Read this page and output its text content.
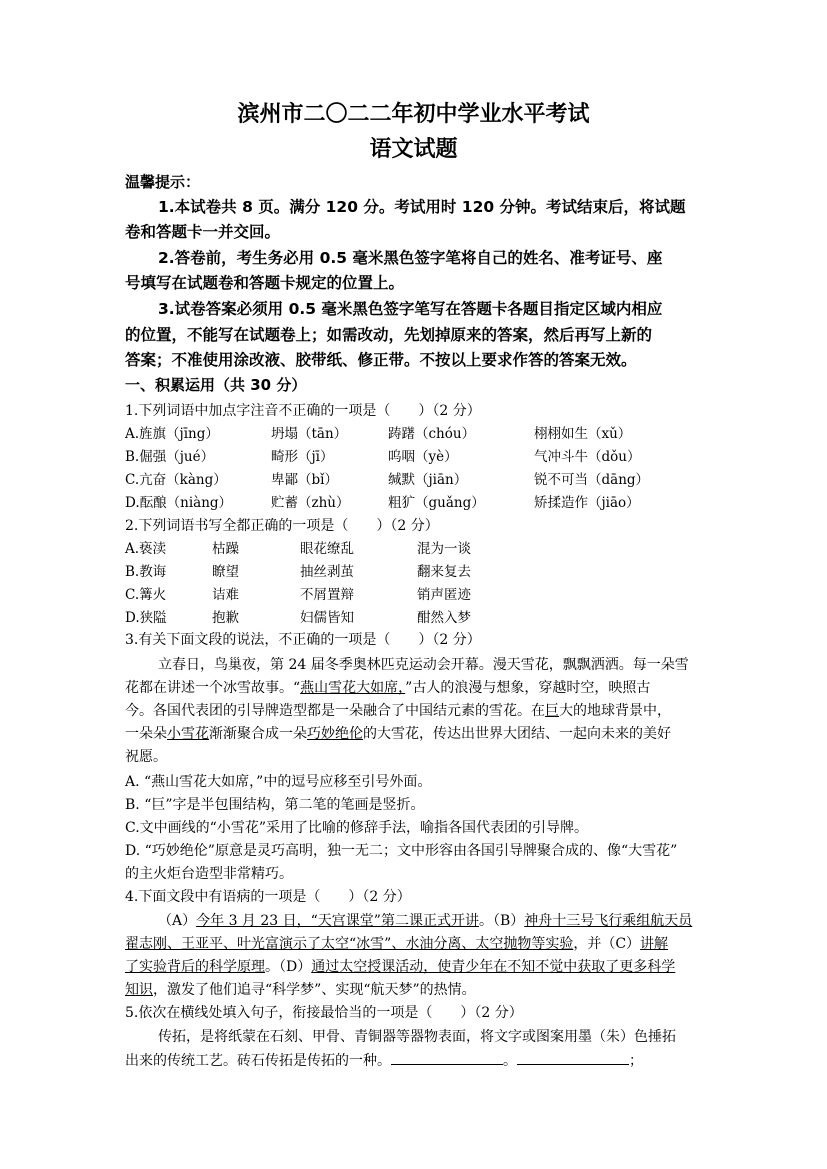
滨州市二〇二二年初中学业水平考试
语文试题
温馨提示：
1.本试卷共 8 页。满分 120 分。考试用时 120 分钟。考试结束后，将试题
卷和答题卡一并交回。
2.答卷前，考生务必用 0.5 毫米黑色签字笔将自己的姓名、准考证号、座
号填写在试题卷和答题卡规定的位置上。
3.试卷答案必须用 0.5 毫米黑色签字笔写在答题卡各题目指定区域内相应
的位置，不能写在试题卷上；如需改动，先划掉原来的答案，然后再写上新的
答案；不准使用涂改液、胶带纸、修正带。不按以上要求作答的答案无效。
一、积累运用（共 30 分）
1.下列词语中加点字注音不正确的一项是（　　）（2 分）
A.旌旗（jīng）	坍塌（tān）	踌躇（chóu）	栩栩如生（xǔ）
B.倔强（jué）	畸形（jī）	呜咽（yè）	气冲斗牛（dǒu）
C.亢奋（kàng）	卑鄙（bǐ）	缄默（jiān）	锐不可当（dāng）
D.酝酿（niàng）	贮蓄（zhù）	粗犷（guǎng）	矫揉造作（jiāo）
2.下列词语书写全都正确的一项是（　　）（2 分）
A.亵渎	枯躁	眼花缭乱	混为一谈
B.教诲	瞭望	抽丝剥茧	翻来复去
C.篝火	诘难	不屑置辩	销声匿迹
D.狭隘	抱歉	妇儒皆知	酣然入梦
3.有关下面文段的说法，不正确的一项是（　　）（2 分）
立春日，鸟巢夜，第 24 届冬季奥林匹克运动会开幕。漫天雪花，飘飘洒洒。每一朵雪
花都在讲述一个冰雪故事。“燕山雪花大如席，”古人的浪漫与想象，穿越时空，映照古
今。各国代表团的引导牌造型都是一朵融合了中国结元素的雪花。在巨大的地球背景中，
一朵朵小雪花渐渐聚合成一朵巧妙绝伦的大雪花，传达出世界大团结、一起向未来的美好
祝愿。
A. “燕山雪花大如席，”中的逗号应移至引号外面。
B. “巨”字是半包围结构，第二笔的笔画是竖折。
C.文中画线的“小雪花”采用了比喻的修辞手法，喻指各国代表团的引导牌。
D. “巧妙绝伦”原意是灵巧高明，独一无二；文中形容由各国引导牌聚合成的、像“大雪花”
的主火炬台造型非常精巧。
4.下面文段中有语病的一项是（　　）（2 分）
（A）今年 3 月 23 日，“天宫课堂”第二课正式开讲。（B）神舟十三号飞行乘组航天员
翟志刚、王亚平、叶光富演示了太空“冰雪”、水油分离、太空抛物等实验，并（C）讲解
了实验背后的科学原理。（D）通过太空授课活动，使青少年在不知不觉中获取了更多科学
知识，激发了他们追寻“科学梦”、实现“航天梦”的热情。
5.依次在横线处填入句子，衔接最恰当的一项是（　　）（2 分）
传拓，是将纸蒙在石刻、甲骨、青铜器等器物表面，将文字或图案用墨（朱）色捶拓
出来的传统工艺。砖石传拓是传拓的一种。	。	；
